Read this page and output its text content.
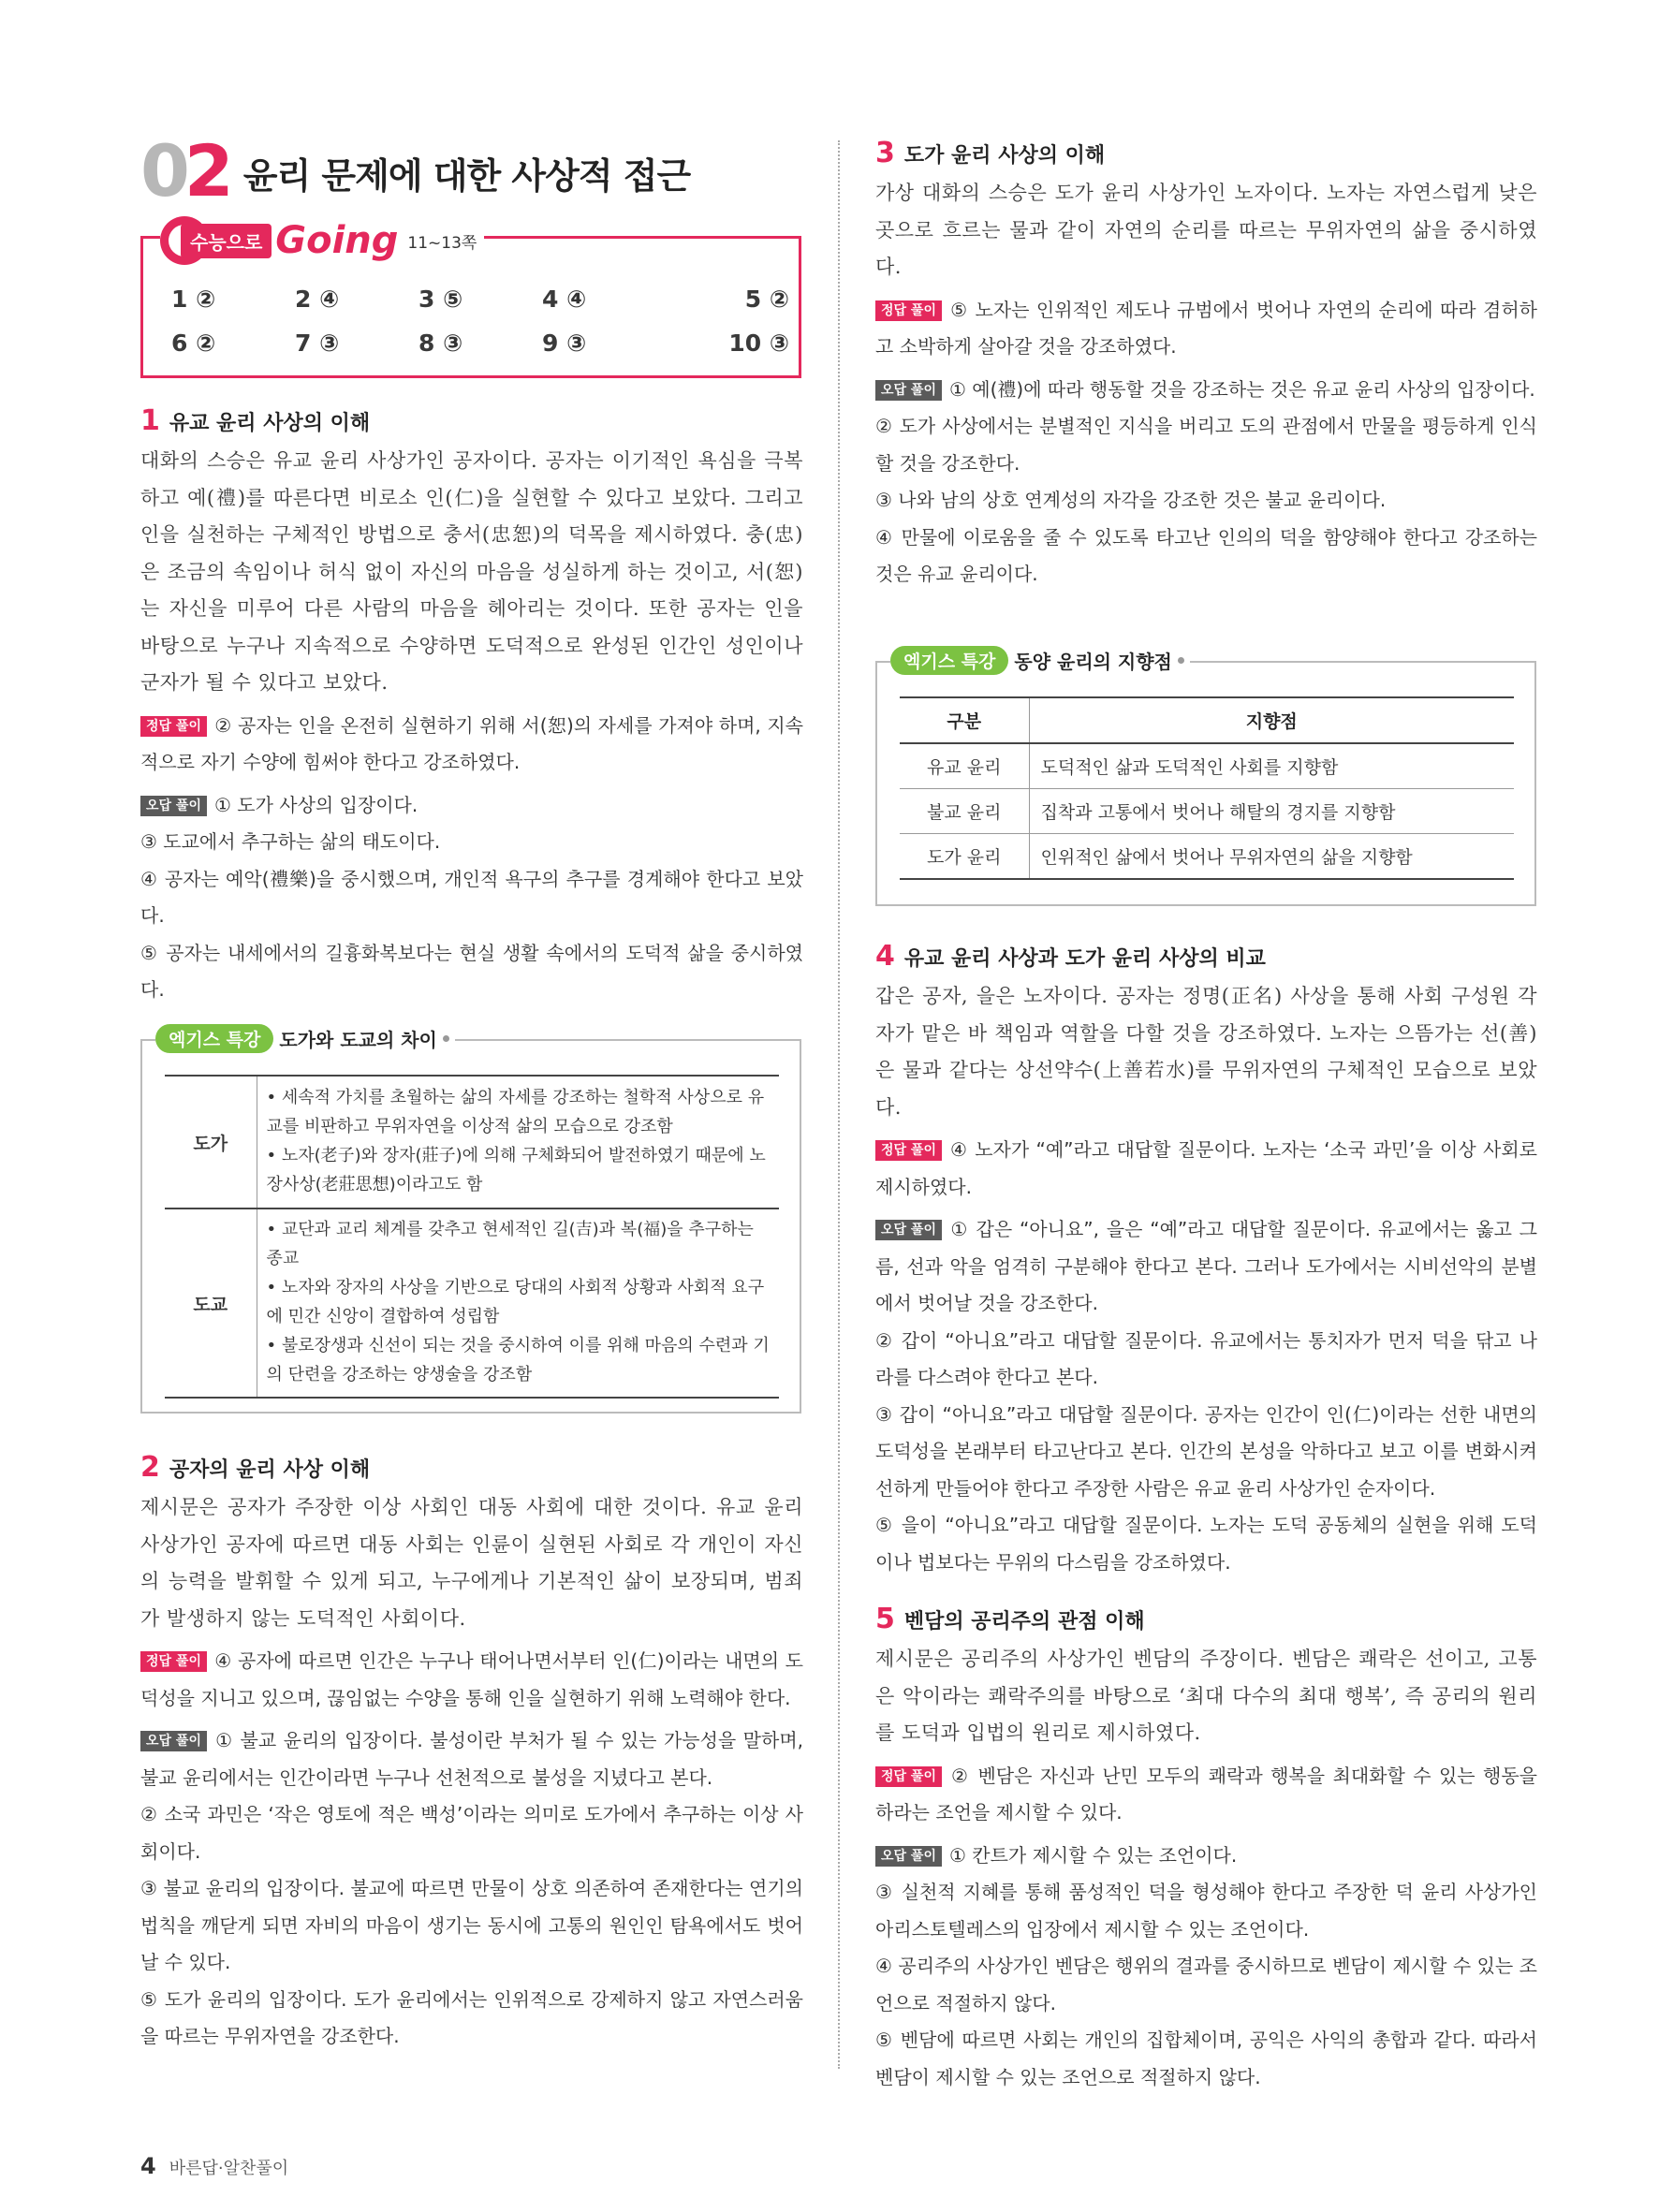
02 윤리 문제에 대한 사상적 접근
수능으로 Going 11~13쪽
1 ②	2 ④	3 ⑤	4 ④	5 ②
6 ②	7 ③	8 ③	9 ③	10 ③
1 유교 윤리 사상의 이해
대화의 스승은 유교 윤리 사상가인 공자이다. 공자는 이기적인 욕심을 극복하고 예(禮)를 따른다면 비로소 인(仁)을 실현할 수 있다고 보았다. 그리고 인을 실천하는 구체적인 방법으로 충서(忠恕)의 덕목을 제시하였다. 충(忠)은 조금의 속임이나 허식 없이 자신의 마음을 성실하게 하는 것이고, 서(恕)는 자신을 미루어 다른 사람의 마음을 헤아리는 것이다. 또한 공자는 인을 바탕으로 누구나 지속적으로 수양하면 도덕적으로 완성된 인간인 성인이나 군자가 될 수 있다고 보았다.
정답 풀이 ② 공자는 인을 온전히 실현하기 위해 서(恕)의 자세를 가져야 하며, 지속적으로 자기 수양에 힘써야 한다고 강조하였다.
오답 풀이 ① 도가 사상의 입장이다.
③ 도교에서 추구하는 삶의 태도이다.
④ 공자는 예악(禮樂)을 중시했으며, 개인적 욕구의 추구를 경계해야 한다고 보았다.
⑤ 공자는 내세에서의 길흉화복보다는 현실 생활 속에서의 도덕적 삶을 중시하였다.
엑기스 특강	도가와 도교의 차이
도가	• 세속적 가치를 초월하는 삶의 자세를 강조하는 철학적 사상으로 유교를 비판하고 무위자연을 이상적 삶의 모습으로 강조함
• 노자(老子)와 장자(莊子)에 의해 구체화되어 발전하였기 때문에 노장사상(老莊思想)이라고도 함

도교	• 교단과 교리 체계를 갖추고 현세적인 길(吉)과 복(福)을 추구하는 종교
• 노자와 장자의 사상을 기반으로 당대의 사회적 상황과 사회적 요구에 민간 신앙이 결합하여 성립함
• 불로장생과 신선이 되는 것을 중시하여 이를 위해 마음의 수련과 기의 단련을 강조하는 양생술을 강조함
2 공자의 윤리 사상 이해
제시문은 공자가 주장한 이상 사회인 대동 사회에 대한 것이다. 유교 윤리 사상가인 공자에 따르면 대동 사회는 인륜이 실현된 사회로 각 개인이 자신의 능력을 발휘할 수 있게 되고, 누구에게나 기본적인 삶이 보장되며, 범죄가 발생하지 않는 도덕적인 사회이다.
정답 풀이 ④ 공자에 따르면 인간은 누구나 태어나면서부터 인(仁)이라는 내면의 도덕성을 지니고 있으며, 끊임없는 수양을 통해 인을 실현하기 위해 노력해야 한다.
오답 풀이 ① 불교 윤리의 입장이다. 불성이란 부처가 될 수 있는 가능성을 말하며, 불교 윤리에서는 인간이라면 누구나 선천적으로 불성을 지녔다고 본다.
② 소국 과민은 ‘작은 영토에 적은 백성’이라는 의미로 도가에서 추구하는 이상 사회이다.
③ 불교 윤리의 입장이다. 불교에 따르면 만물이 상호 의존하여 존재한다는 연기의 법칙을 깨닫게 되면 자비의 마음이 생기는 동시에 고통의 원인인 탐욕에서도 벗어날 수 있다.
⑤ 도가 윤리의 입장이다. 도가 윤리에서는 인위적으로 강제하지 않고 자연스러움을 따르는 무위자연을 강조한다.
3 도가 윤리 사상의 이해
가상 대화의 스승은 도가 윤리 사상가인 노자이다. 노자는 자연스럽게 낮은 곳으로 흐르는 물과 같이 자연의 순리를 따르는 무위자연의 삶을 중시하였다.
정답 풀이 ⑤ 노자는 인위적인 제도나 규범에서 벗어나 자연의 순리에 따라 겸허하고 소박하게 살아갈 것을 강조하였다.
오답 풀이 ① 예(禮)에 따라 행동할 것을 강조하는 것은 유교 윤리 사상의 입장이다.
② 도가 사상에서는 분별적인 지식을 버리고 도의 관점에서 만물을 평등하게 인식할 것을 강조한다.
③ 나와 남의 상호 연계성의 자각을 강조한 것은 불교 윤리이다.
④ 만물에 이로움을 줄 수 있도록 타고난 인의의 덕을 함양해야 한다고 강조하는 것은 유교 윤리이다.
엑기스 특강	동양 윤리의 지향점
구분	지향점
유교 윤리	도덕적인 삶과 도덕적인 사회를 지향함
불교 윤리	집착과 고통에서 벗어나 해탈의 경지를 지향함
도가 윤리	인위적인 삶에서 벗어나 무위자연의 삶을 지향함
4 유교 윤리 사상과 도가 윤리 사상의 비교
갑은 공자, 을은 노자이다. 공자는 정명(正名) 사상을 통해 사회 구성원 각자가 맡은 바 책임과 역할을 다할 것을 강조하였다. 노자는 으뜸가는 선(善)은 물과 같다는 상선약수(上善若水)를 무위자연의 구체적인 모습으로 보았다.
정답 풀이 ④ 노자가 “예”라고 대답할 질문이다. 노자는 ‘소국 과민’을 이상 사회로 제시하였다.
오답 풀이 ① 갑은 “아니요”, 을은 “예”라고 대답할 질문이다. 유교에서는 옳고 그름, 선과 악을 엄격히 구분해야 한다고 본다. 그러나 도가에서는 시비선악의 분별에서 벗어날 것을 강조한다.
② 갑이 “아니요”라고 대답할 질문이다. 유교에서는 통치자가 먼저 덕을 닦고 나라를 다스려야 한다고 본다.
③ 갑이 “아니요”라고 대답할 질문이다. 공자는 인간이 인(仁)이라는 선한 내면의 도덕성을 본래부터 타고난다고 본다. 인간의 본성을 악하다고 보고 이를 변화시켜 선하게 만들어야 한다고 주장한 사람은 유교 윤리 사상가인 순자이다.
⑤ 을이 “아니요”라고 대답할 질문이다. 노자는 도덕 공동체의 실현을 위해 도덕이나 법보다는 무위의 다스림을 강조하였다.
5 벤담의 공리주의 관점 이해
제시문은 공리주의 사상가인 벤담의 주장이다. 벤담은 쾌락은 선이고, 고통은 악이라는 쾌락주의를 바탕으로 ‘최대 다수의 최대 행복’, 즉 공리의 원리를 도덕과 입법의 원리로 제시하였다.
정답 풀이 ② 벤담은 자신과 난민 모두의 쾌락과 행복을 최대화할 수 있는 행동을 하라는 조언을 제시할 수 있다.
오답 풀이 ① 칸트가 제시할 수 있는 조언이다.
③ 실천적 지혜를 통해 품성적인 덕을 형성해야 한다고 주장한 덕 윤리 사상가인 아리스토텔레스의 입장에서 제시할 수 있는 조언이다.
④ 공리주의 사상가인 벤담은 행위의 결과를 중시하므로 벤담이 제시할 수 있는 조언으로 적절하지 않다.
⑤ 벤담에 따르면 사회는 개인의 집합체이며, 공익은 사익의 총합과 같다. 따라서 벤담이 제시할 수 있는 조언으로 적절하지 않다.
4 바른답·알찬풀이
